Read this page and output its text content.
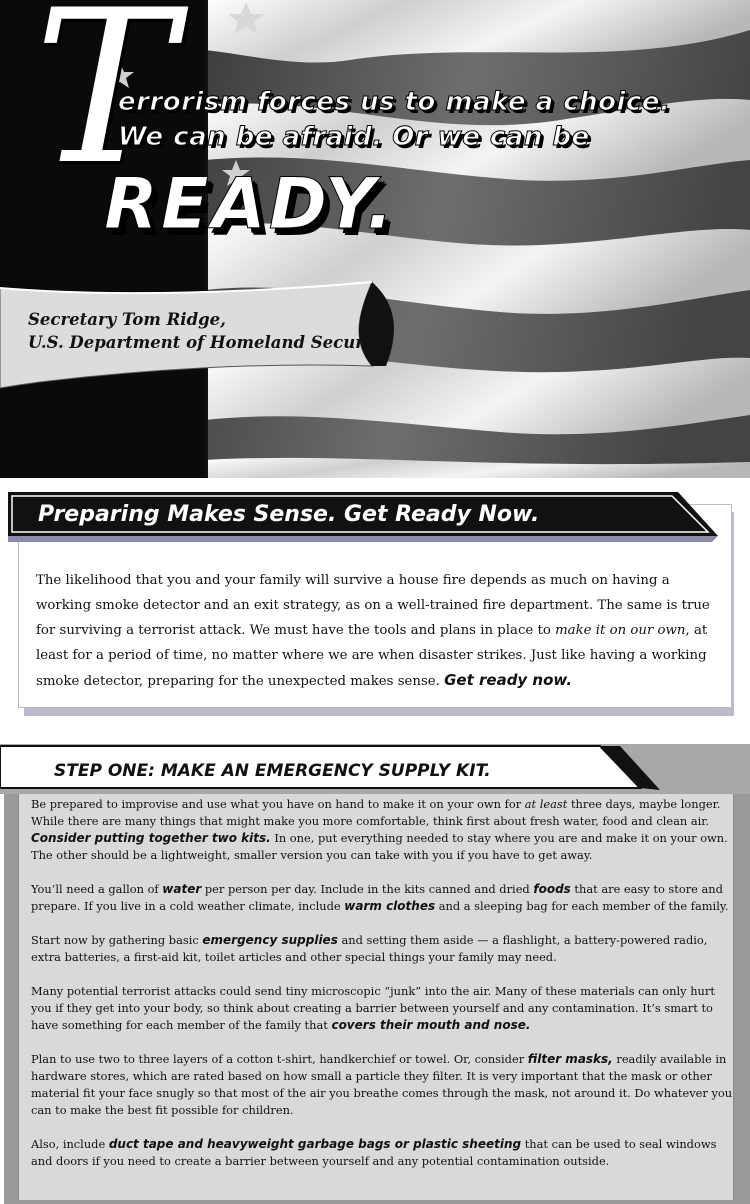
T
errorism forces us to make a choice.
We can be afraid. Or we can be
READY.
Secretary Tom Ridge,
U.S. Department of Homeland Security
Preparing Makes Sense. Get Ready Now.
The likelihood that you and your family will survive a house fire depends as much on having a working smoke detector and an exit strategy, as on a well-trained fire department. The same is true for surviving a terrorist attack. We must have the tools and plans in place to make it on our own, at least for a period of time, no matter where we are when disaster strikes. Just like having a working smoke detector, preparing for the unexpected makes sense. Get ready now.
STEP ONE: MAKE AN EMERGENCY SUPPLY KIT.

Be prepared to improvise and use what you have on hand to make it on your own for at least three days, maybe longer. While there are many things that might make you more comfortable, think first about fresh water, food and clean air. Consider putting together two kits. In one, put everything needed to stay where you are and make it on your own. The other should be a lightweight, smaller version you can take with you if you have to get away.

You’ll need a gallon of water per person per day. Include in the kits canned and dried foods that are easy to store and prepare. If you live in a cold weather climate, include warm clothes and a sleeping bag for each member of the family.

Start now by gathering basic emergency supplies and setting them aside — a flashlight, a battery-powered radio, extra batteries, a first-aid kit, toilet articles and other special things your family may need.

Many potential terrorist attacks could send tiny microscopic “junk” into the air. Many of these materials can only hurt you if they get into your body, so think about creating a barrier between yourself and any contamination. It’s smart to have something for each member of the family that covers their mouth and nose.

Plan to use two to three layers of a cotton t-shirt, handkerchief or towel. Or, consider filter masks, readily available in hardware stores, which are rated based on how small a particle they filter. It is very important that the mask or other material fit your face snugly so that most of the air you breathe comes through the mask, not around it. Do whatever you can to make the best fit possible for children.

Also, include duct tape and heavyweight garbage bags or plastic sheeting that can be used to seal windows and doors if you need to create a barrier between yourself and any potential contamination outside.
